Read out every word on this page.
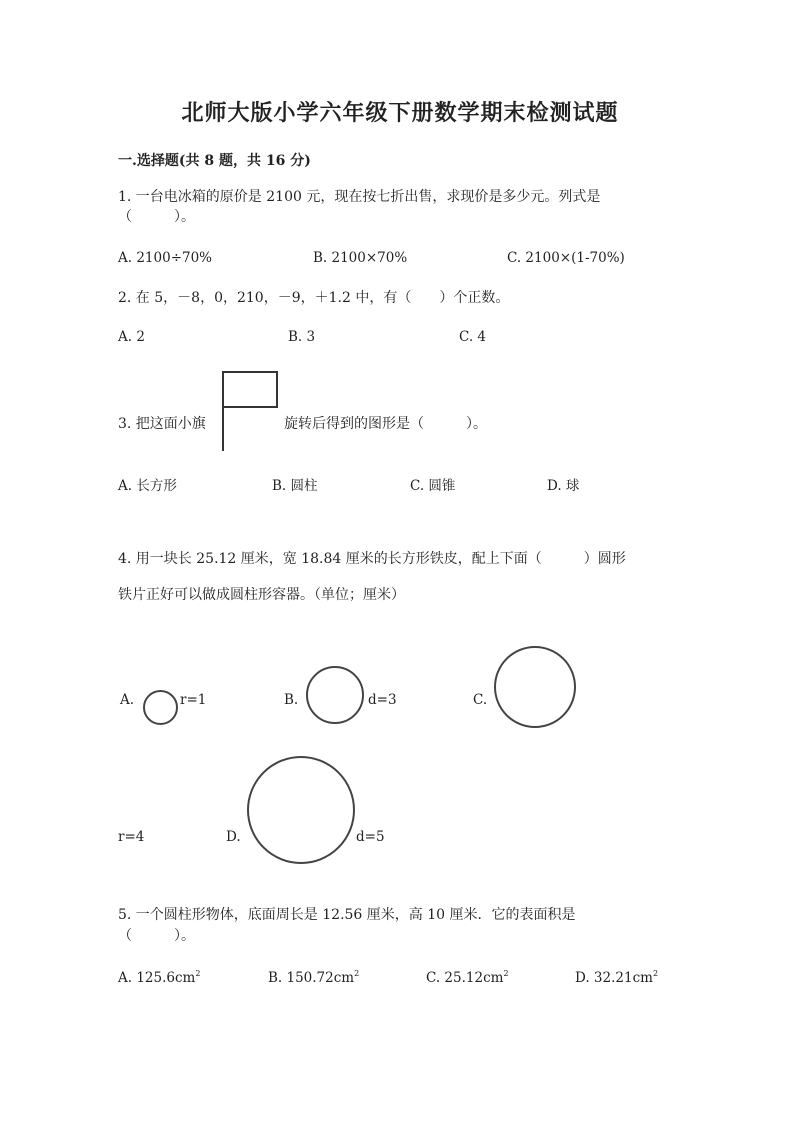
北师大版小学六年级下册数学期末检测试题
一.选择题(共 8 题，共 16 分)
1. 一台电冰箱的原价是 2100 元，现在按七折出售，求现价是多少元。列式是
（　　　）。
A. 2100÷70%	B. 2100×70%	C. 2100×(1-70%)
2. 在 5，－8，0，210，－9，＋1.2 中，有（　　）个正数。
A. 2	B. 3	C. 4
3. 把这面小旗	旋转后得到的图形是（　　　）。
A. 长方形	B. 圆柱	C. 圆锥	D. 球
4. 用一块长 25.12 厘米，宽 18.84 厘米的长方形铁皮，配上下面（　　　）圆形
铁片正好可以做成圆柱形容器。（单位；厘米）
A.	r=1	B.	d=3	C.
r=4	D.	d=5
5. 一个圆柱形物体，底面周长是 12.56 厘米，高 10 厘米．它的表面积是
（　　　）。
A. $125.6cm^2$	B. $150.72cm^2$	C. $25.12cm^2$	D. $32.21cm^2$
